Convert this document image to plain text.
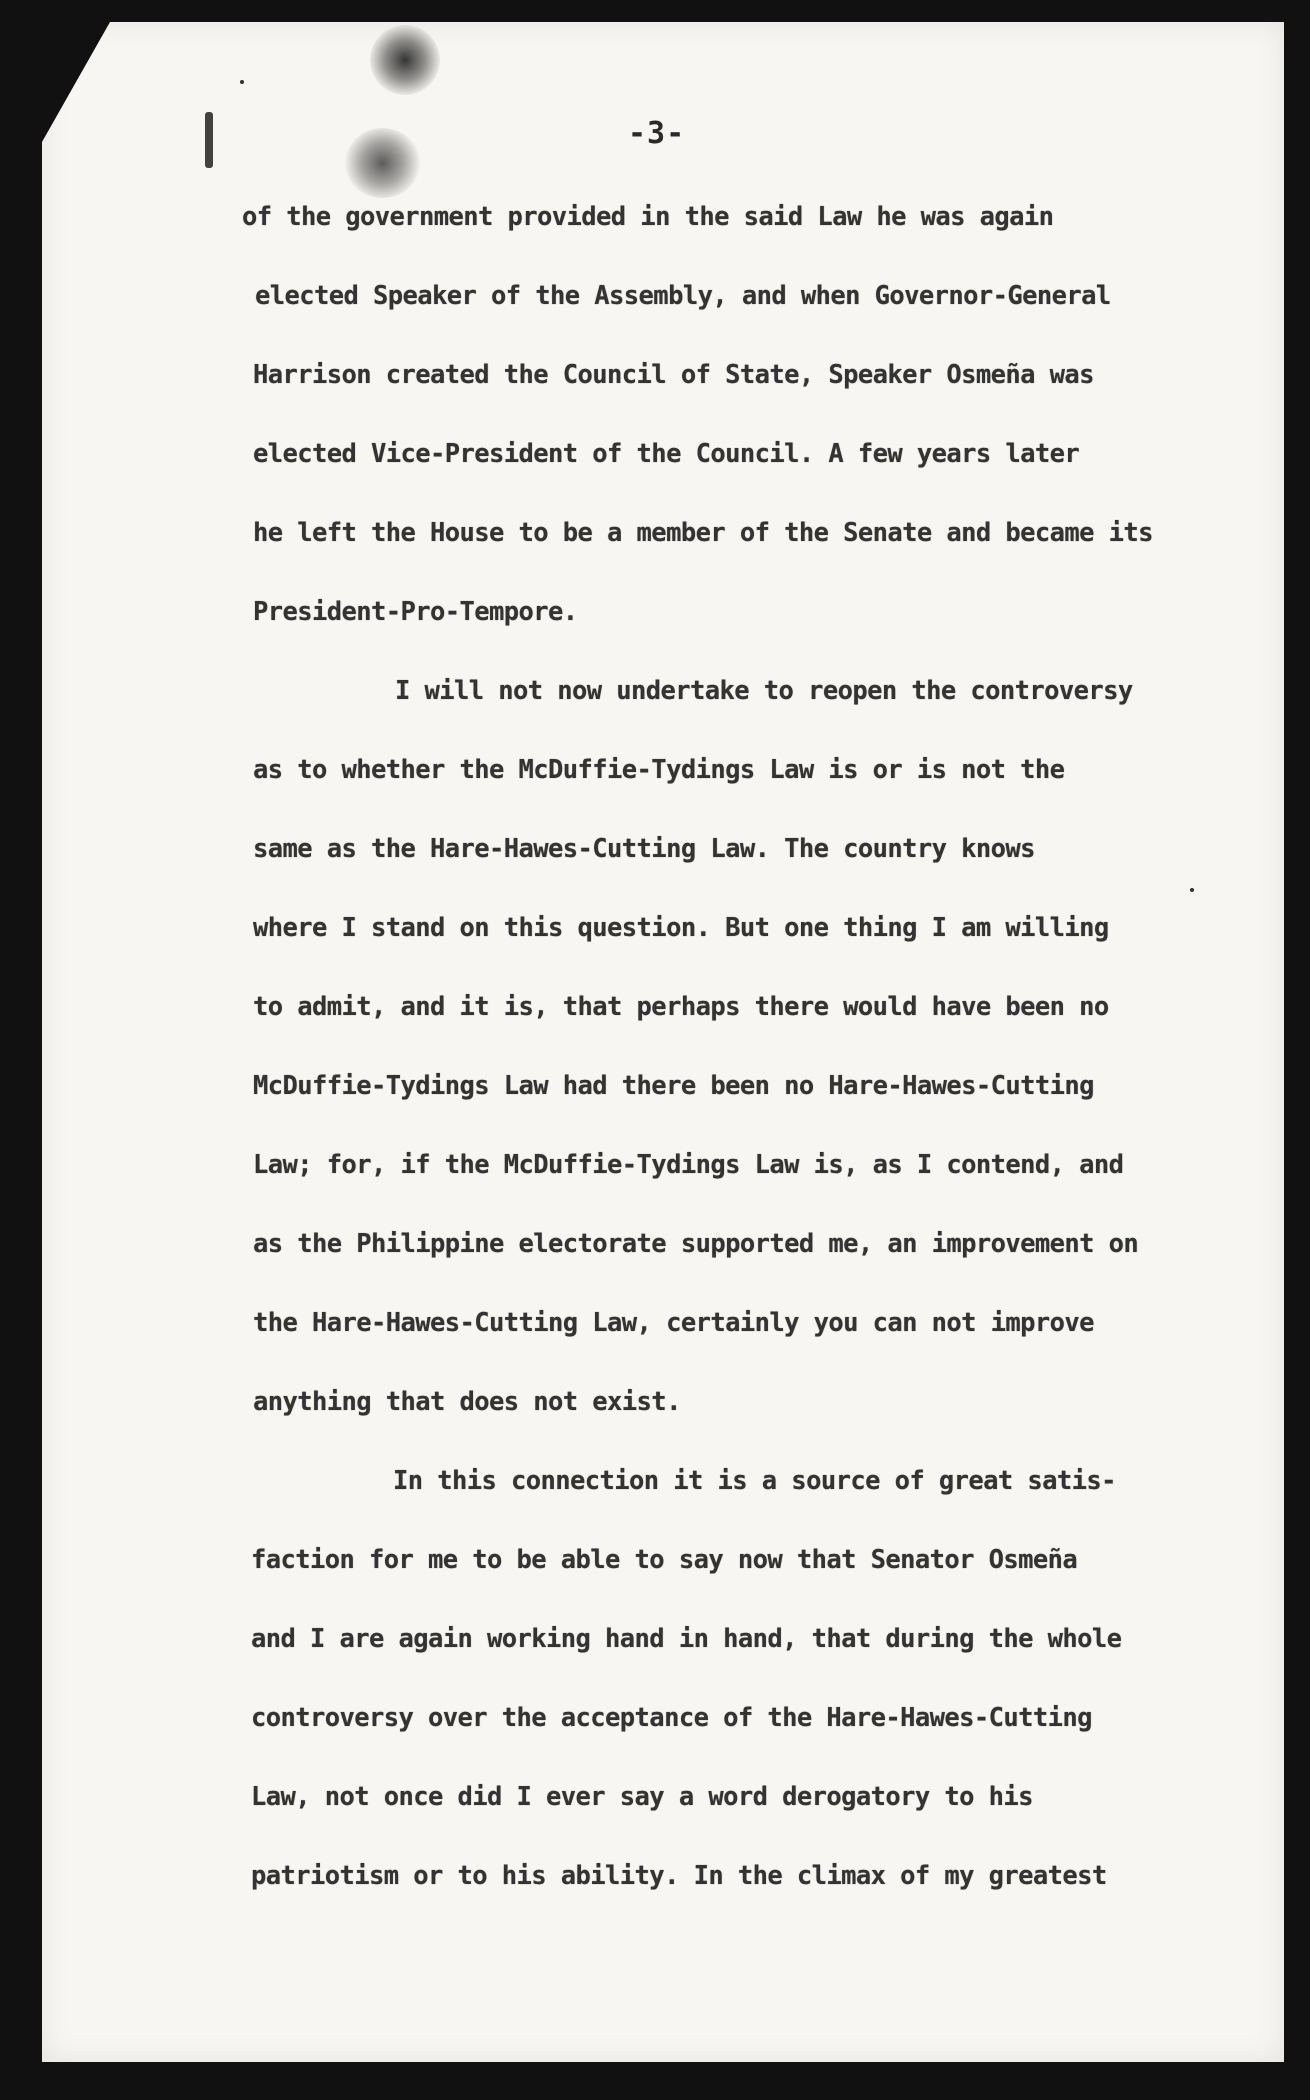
-3-
of the government provided in the said Law he was again
elected Speaker of the Assembly, and when Governor-General
Harrison created the Council of State, Speaker Osmeña was
elected Vice-President of the Council. A few years later
he left the House to be a member of the Senate and became its
President-Pro-Tempore.
I will not now undertake to reopen the controversy
as to whether the McDuffie-Tydings Law is or is not the
same as the Hare-Hawes-Cutting Law. The country knows
where I stand on this question. But one thing I am willing
to admit, and it is, that perhaps there would have been no
McDuffie-Tydings Law had there been no Hare-Hawes-Cutting
Law; for, if the McDuffie-Tydings Law is, as I contend, and
as the Philippine electorate supported me, an improvement on
the Hare-Hawes-Cutting Law, certainly you can not improve
anything that does not exist.
In this connection it is a source of great satis-
faction for me to be able to say now that Senator Osmeña
and I are again working hand in hand, that during the whole
controversy over the acceptance of the Hare-Hawes-Cutting
Law, not once did I ever say a word derogatory to his
patriotism or to his ability. In the climax of my greatest
